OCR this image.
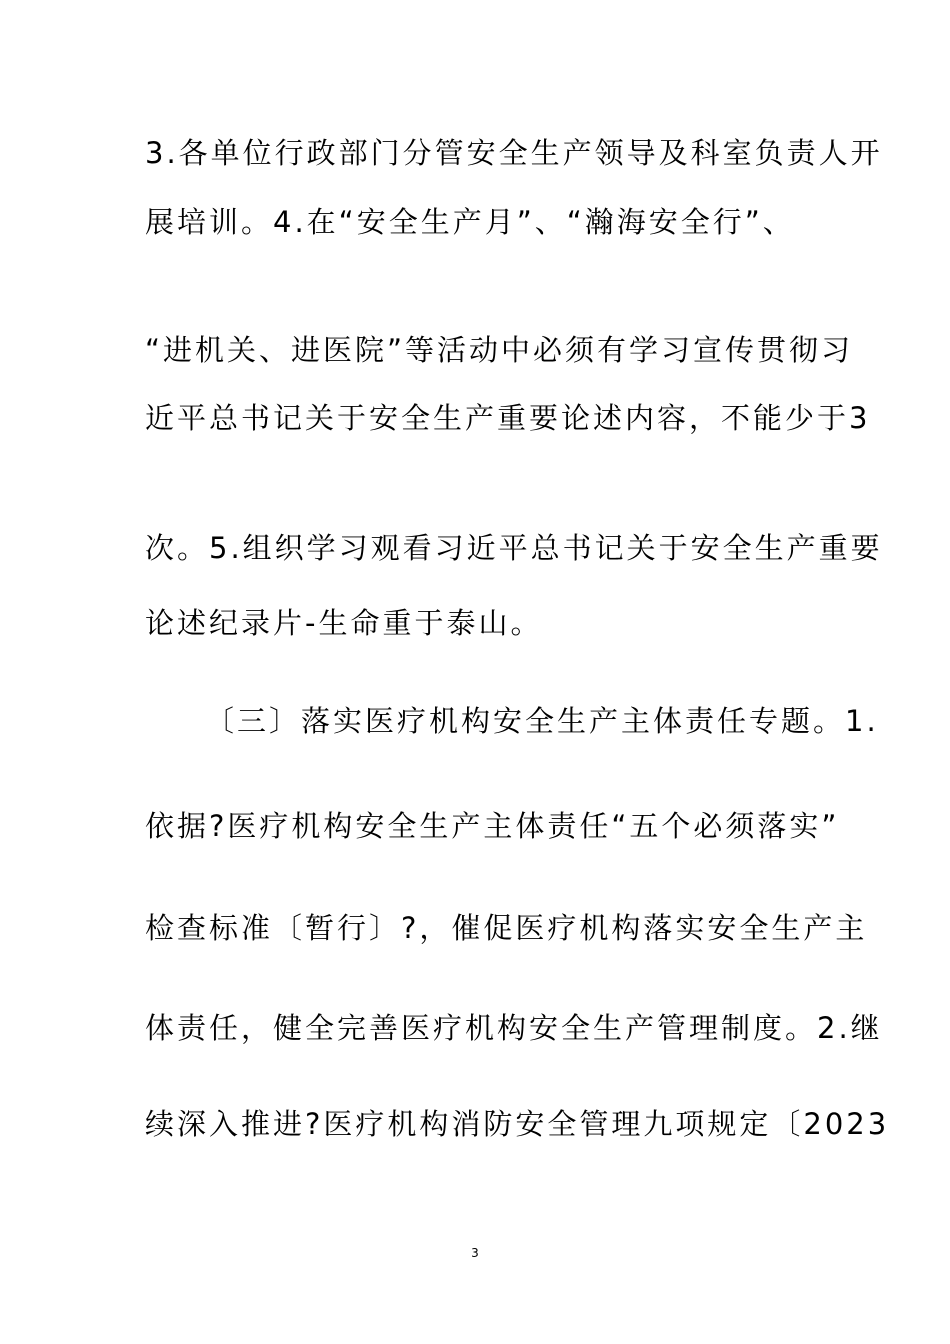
3.各单位行政部门分管安全生产领导及科室负责人开
展培训。4.在“安全生产月”、“瀚海安全行”、
“进机关、进医院”等活动中必须有学习宣传贯彻习
近平总书记关于安全生产重要论述内容，不能少于3
次。5.组织学习观看习近平总书记关于安全生产重要
论述纪录片-生命重于泰山。
〔三〕落实医疗机构安全生产主体责任专题。1.
依据?医疗机构安全生产主体责任“五个必须落实”
检查标准〔暂行〕?，催促医疗机构落实安全生产主
体责任，健全完善医疗机构安全生产管理制度。2.继
续深入推进?医疗机构消防安全管理九项规定〔2023
3
